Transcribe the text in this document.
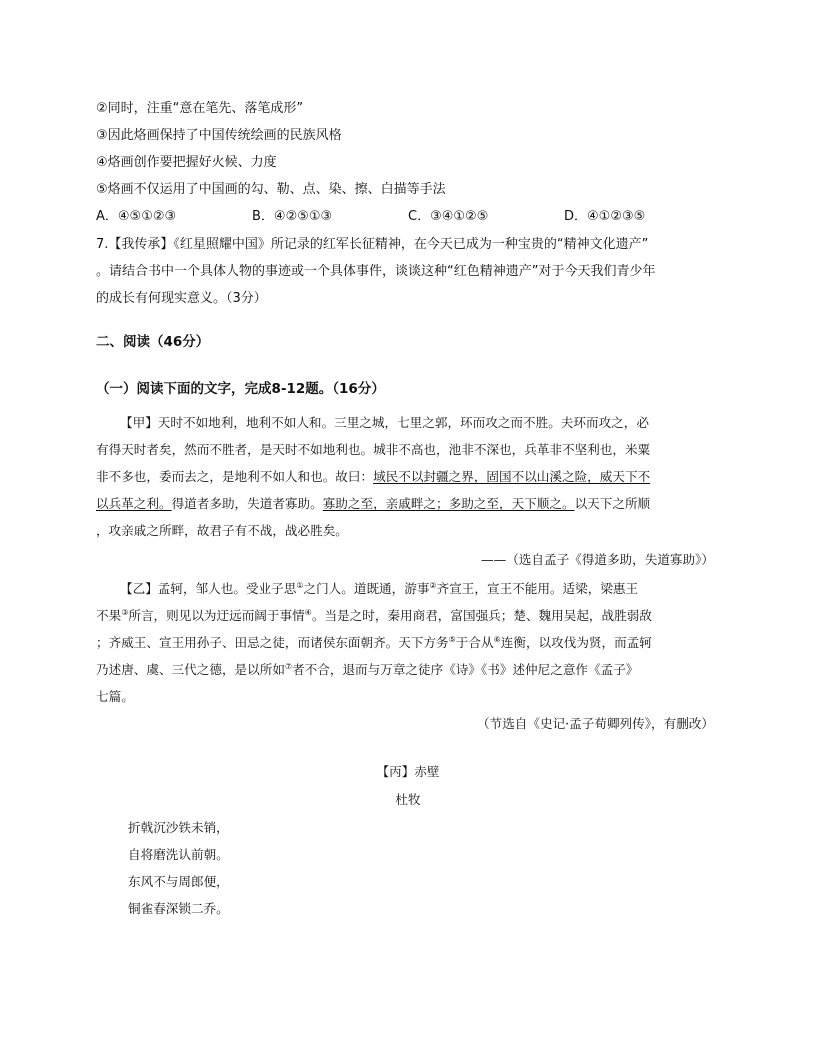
②同时，注重“意在笔先、落笔成形”
③因此烙画保持了中国传统绘画的民族风格
④烙画创作要把握好火候、力度
⑤烙画不仅运用了中国画的勾、勒、点、染、擦、白描等手法
A．④⑤①②③	B．④②⑤①③	C．③④①②⑤	D．④①②③⑤
7.【我传承】《红星照耀中国》所记录的红军长征精神，在今天已成为一种宝贵的“精神文化遗产”
。请结合书中一个具体人物的事迹或一个具体事件，谈谈这种“红色精神遗产”对于今天我们青少年
的成长有何现实意义。（3分）
二、阅读（46分）
（一）阅读下面的文字，完成8-12题。（16分）
【甲】天时不如地利，地利不如人和。三里之城，七里之郭，环而攻之而不胜。夫环而攻之，必
有得天时者矣，然而不胜者，是天时不如地利也。城非不高也，池非不深也，兵革非不坚利也，米粟
非不多也，委而去之，是地利不如人和也。故曰：域民不以封疆之界，固国不以山溪之险，威天下不
以兵革之利。得道者多助，失道者寡助。寡助之至，亲戚畔之；多助之至，天下顺之。以天下之所顺
，攻亲戚之所畔，故君子有不战，战必胜矣。
——（选自孟子《得道多助，失道寡助》）
【乙】孟轲，邹人也。受业子思①之门人。道既通，游事②齐宣王，宣王不能用。适梁，梁惠王
不果③所言，则见以为迂远而阔于事情④。当是之时，秦用商君，富国强兵；楚、魏用吴起，战胜弱敌
；齐威王、宣王用孙子、田忌之徒，而诸侯东面朝齐。天下方务⑤于合从⑥连衡，以攻伐为贤，而孟轲
乃述唐、虞、三代之德，是以所如⑦者不合，退而与万章之徒序《诗》《书》述仲尼之意作《孟子》
七篇。
（节选自《史记·孟子荀卿列传》，有删改）
【丙】赤壁
杜牧
折戟沉沙铁未销，
自将磨洗认前朝。
东风不与周郎便，
铜雀春深锁二乔。
